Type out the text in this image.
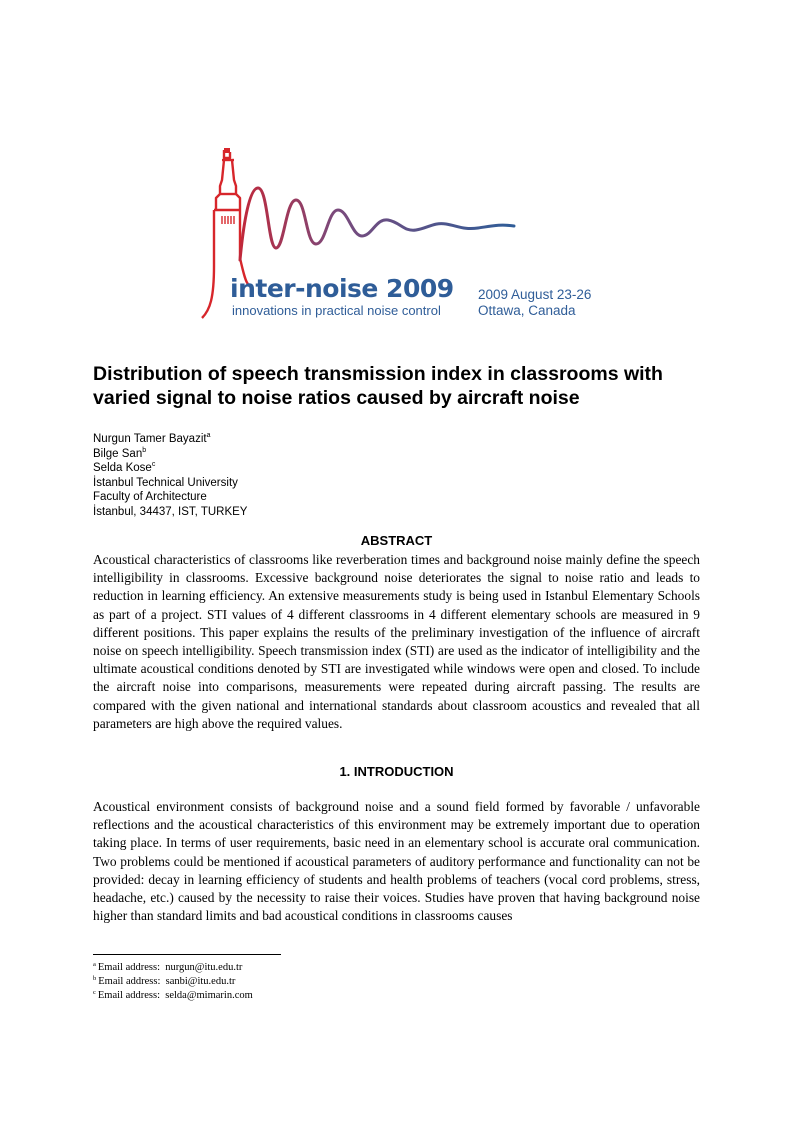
inter-noise 2009
innovations in practical noise control
2009 August 23-26
Ottawa, Canada
Distribution of speech transmission index in classrooms with varied signal to noise ratios caused by aircraft noise
Nurgun Tamer Bayazit$^a$
Bilge San$^b$
Selda Kose$^c$
İstanbul Technical University
Faculty of Architecture
İstanbul, 34437, IST, TURKEY
ABSTRACT

Acoustical characteristics of classrooms like reverberation times and background noise mainly define the speech intelligibility in classrooms. Excessive background noise deteriorates the signal to noise ratio and leads to reduction in learning efficiency. An extensive measurements study is being used in Istanbul Elementary Schools as part of a project. STI values of 4 different classrooms in 4 different elementary schools are measured in 9 different positions. This paper explains the results of the preliminary investigation of the influence of aircraft noise on speech intelligibility. Speech transmission index (STI) are used as the indicator of intelligibility and the ultimate acoustical conditions denoted by STI are investigated while windows were open and closed. To include the aircraft noise into comparisons, measurements were repeated during aircraft passing. The results are compared with the given national and international standards about classroom acoustics and revealed that all parameters are high above the required values.

1. INTRODUCTION

Acoustical environment consists of background noise and a sound field formed by favorable / unfavorable reflections and the acoustical characteristics of this environment may be extremely important due to operation taking place. In terms of user requirements, basic need in an elementary school is accurate oral communication. Two problems could be mentioned if acoustical parameters of auditory performance and functionality can not be provided: decay in learning efficiency of students and health problems of teachers (vocal cord problems, stress, headache, etc.) caused by the necessity to raise their voices. Studies have proven that having background noise higher than standard limits and bad acoustical conditions in classrooms causes

$^a$ Email address: nurgun@itu.edu.tr
$^b$ Email address: sanbi@itu.edu.tr
$^c$ Email address: selda@mimarin.com
